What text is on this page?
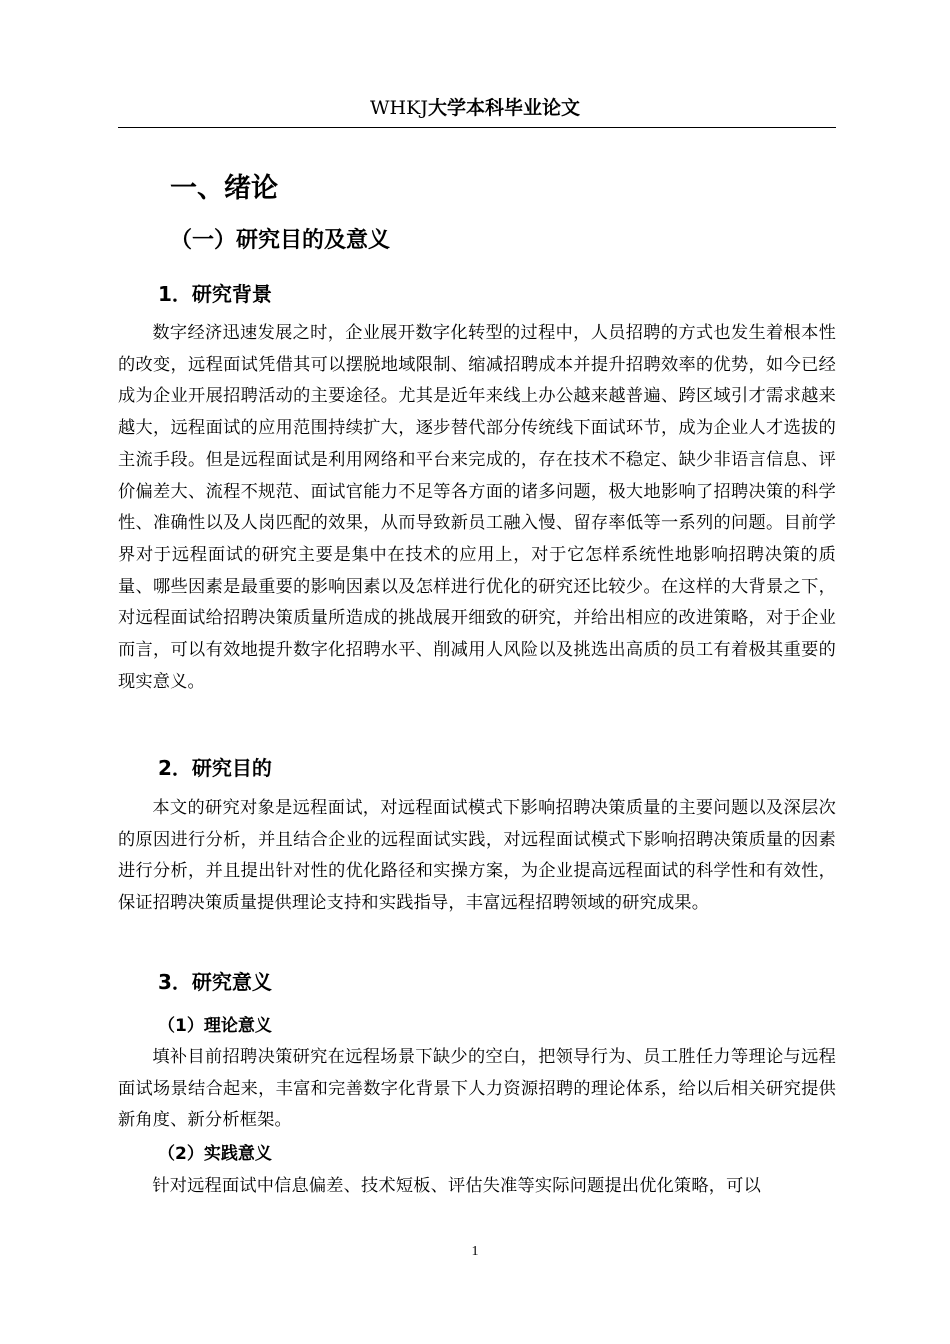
WHKJ大学本科毕业论文
一、绪论
（一）研究目的及意义
1．研究背景
数字经济迅速发展之时，企业展开数字化转型的过程中，人员招聘的方式也发生着根本性的改变，远程面试凭借其可以摆脱地域限制、缩减招聘成本并提升招聘效率的优势，如今已经成为企业开展招聘活动的主要途径。尤其是近年来线上办公越来越普遍、跨区域引才需求越来越大，远程面试的应用范围持续扩大，逐步替代部分传统线下面试环节，成为企业人才选拔的主流手段。但是远程面试是利用网络和平台来完成的，存在技术不稳定、缺少非语言信息、评价偏差大、流程不规范、面试官能力不足等各方面的诸多问题，极大地影响了招聘决策的科学性、准确性以及人岗匹配的效果，从而导致新员工融入慢、留存率低等一系列的问题。目前学界对于远程面试的研究主要是集中在技术的应用上，对于它怎样系统性地影响招聘决策的质量、哪些因素是最重要的影响因素以及怎样进行优化的研究还比较少。在这样的大背景之下，对远程面试给招聘决策质量所造成的挑战展开细致的研究，并给出相应的改进策略，对于企业而言，可以有效地提升数字化招聘水平、削减用人风险以及挑选出高质的员工有着极其重要的现实意义。
2．研究目的
本文的研究对象是远程面试，对远程面试模式下影响招聘决策质量的主要问题以及深层次的原因进行分析，并且结合企业的远程面试实践，对远程面试模式下影响招聘决策质量的因素进行分析，并且提出针对性的优化路径和实操方案，为企业提高远程面试的科学性和有效性，保证招聘决策质量提供理论支持和实践指导，丰富远程招聘领域的研究成果。
3．研究意义
（1）理论意义
填补目前招聘决策研究在远程场景下缺少的空白，把领导行为、员工胜任力等理论与远程面试场景结合起来，丰富和完善数字化背景下人力资源招聘的理论体系，给以后相关研究提供新角度、新分析框架。
（2）实践意义
针对远程面试中信息偏差、技术短板、评估失准等实际问题提出优化策略，可以
1
